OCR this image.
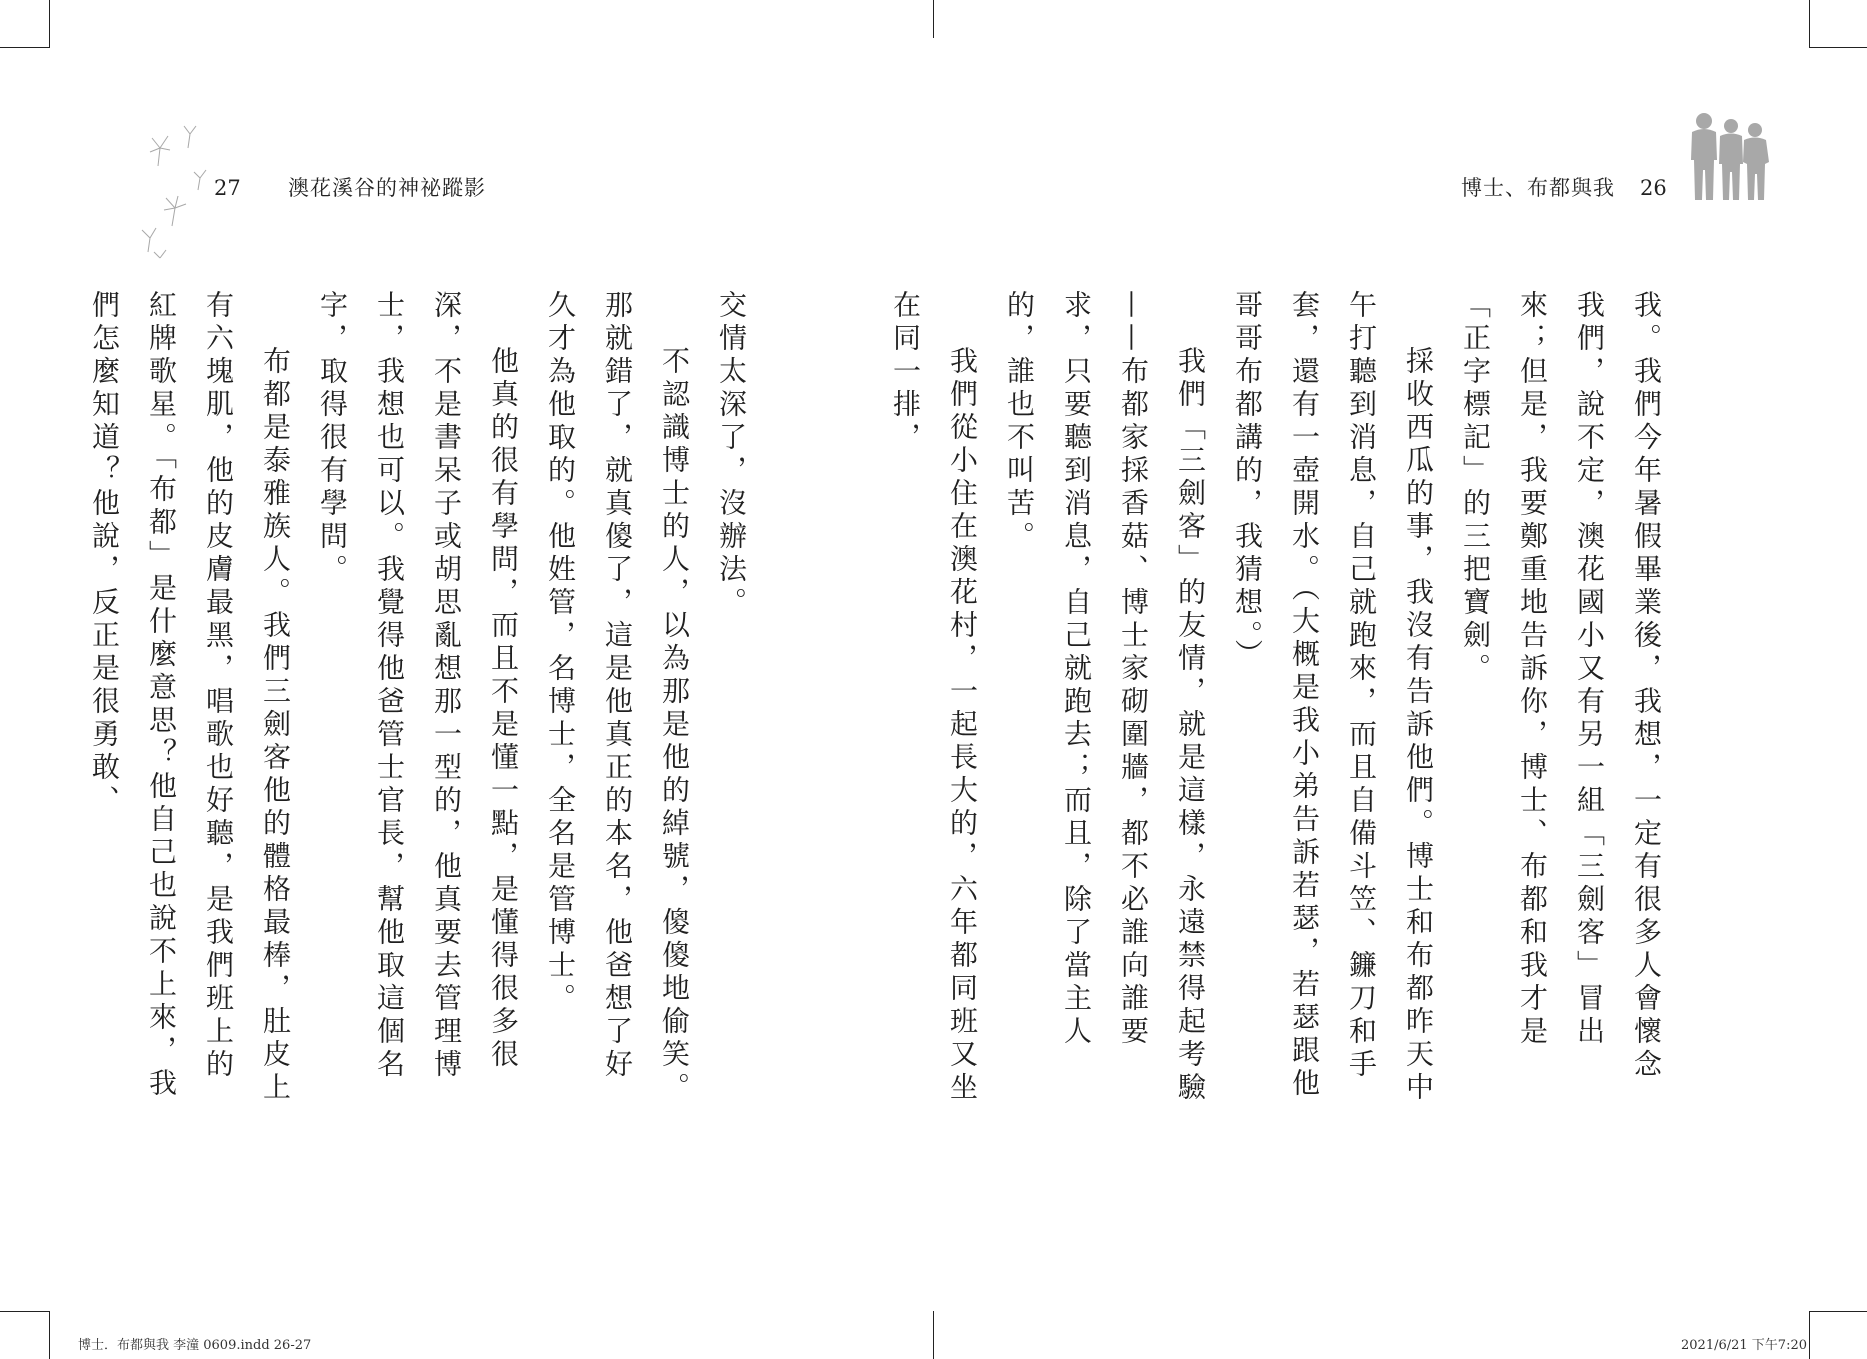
27 澳花溪谷的神祕蹤影	博士、布都與我 26

我。我們今年暑假畢業後，我想，一定有很多人會懷念我們，說不定，澳花國小又有另一組「三劍客」冒出來；但是，我要鄭重地告訴你，博士、布都和我才是「正字標記」的三把寶劍。

採收西瓜的事，我沒有告訴他們。博士和布都昨天中午打聽到消息，自己就跑來，而且自備斗笠、鐮刀和手套，還有一壺開水。（大概是我小弟告訴若瑟，若瑟跟他哥哥布都講的，我猜想。）

我們「三劍客」的友情，就是這樣，永遠禁得起考驗——布都家採香菇、博士家砌圍牆，都不必誰向誰要求，只要聽到消息，自己就跑去；而且，除了當主人的，誰也不叫苦。

我們從小住在澳花村，一起長大的，六年都同班又坐在同一排，

交情太深了，沒辦法。

不認識博士的人，以為那是他的綽號，傻傻地偷笑。那就錯了，就真傻了，這是他真正的本名，他爸想了好久才為他取的。他姓管，名博士，全名是管博士。

他真的很有學問，而且不是懂一點，是懂得很多很深，不是書呆子或胡思亂想那一型的，他真要去管理博士，我想也可以。我覺得他爸管士官長，幫他取這個名字，取得很有學問。

布都是泰雅族人。我們三劍客他的體格最棒，肚皮上有六塊肌，他的皮膚最黑，唱歌也好聽，是我們班上的紅牌歌星。「布都」是什麼意思？他自己也說不上來，我們怎麼知道？他說，反正是很勇敢、

博士．布都與我 李潼 0609.indd 26-27	2021/6/21 下午7:20
